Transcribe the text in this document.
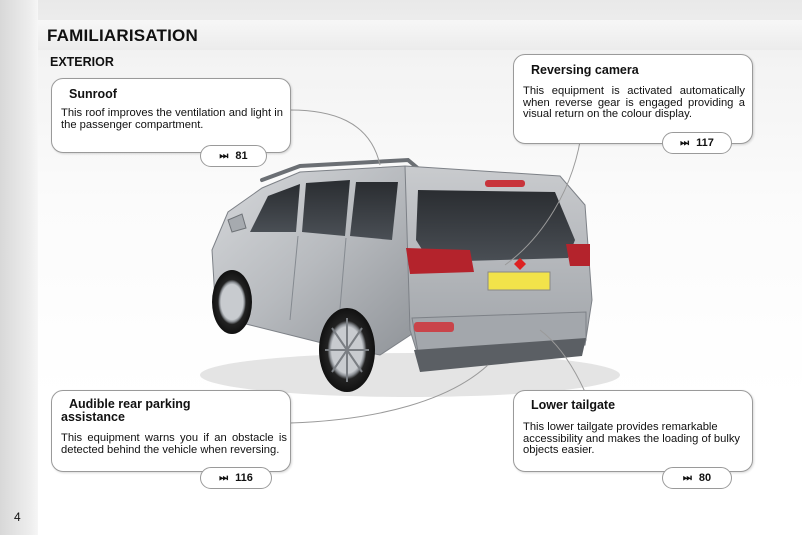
FAMILIARISATION
EXTERIOR
Sunroof
This roof improves the ventilation and light in the passenger compartment.
⏭ 81
Reversing camera
This equipment is activated automatically when reverse gear is engaged providing a visual return on the colour display.
⏭ 117
Audible rear parking assistance
This equipment warns you if an obstacle is detected behind the vehicle when reversing.
⏭ 116
Lower tailgate
This lower tailgate provides remarkable accessibility and makes the loading of bulky objects easier.
⏭ 80
4
